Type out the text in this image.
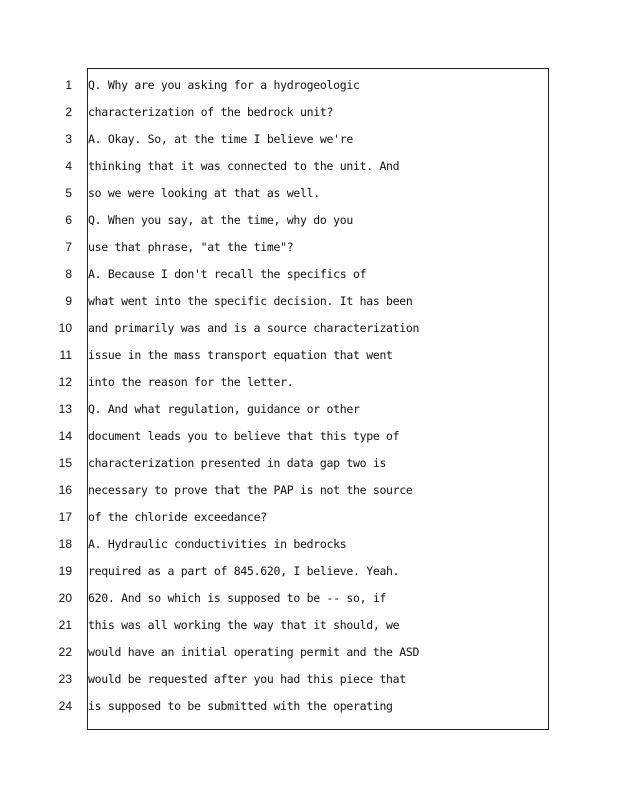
1 Q. Why are you asking for a hydrogeologic
2 characterization of the bedrock unit?
3 A. Okay. So, at the time I believe we're
4 thinking that it was connected to the unit. And
5 so we were looking at that as well.
6 Q. When you say, at the time, why do you
7 use that phrase, "at the time"?
8 A. Because I don't recall the specifics of
9 what went into the specific decision. It has been
10 and primarily was and is a source characterization
11 issue in the mass transport equation that went
12 into the reason for the letter.
13 Q. And what regulation, guidance or other
14 document leads you to believe that this type of
15 characterization presented in data gap two is
16 necessary to prove that the PAP is not the source
17 of the chloride exceedance?
18 A. Hydraulic conductivities in bedrocks
19 required as a part of 845.620, I believe. Yeah.
20 620. And so which is supposed to be -- so, if
21 this was all working the way that it should, we
22 would have an initial operating permit and the ASD
23 would be requested after you had this piece that
24 is supposed to be submitted with the operating
